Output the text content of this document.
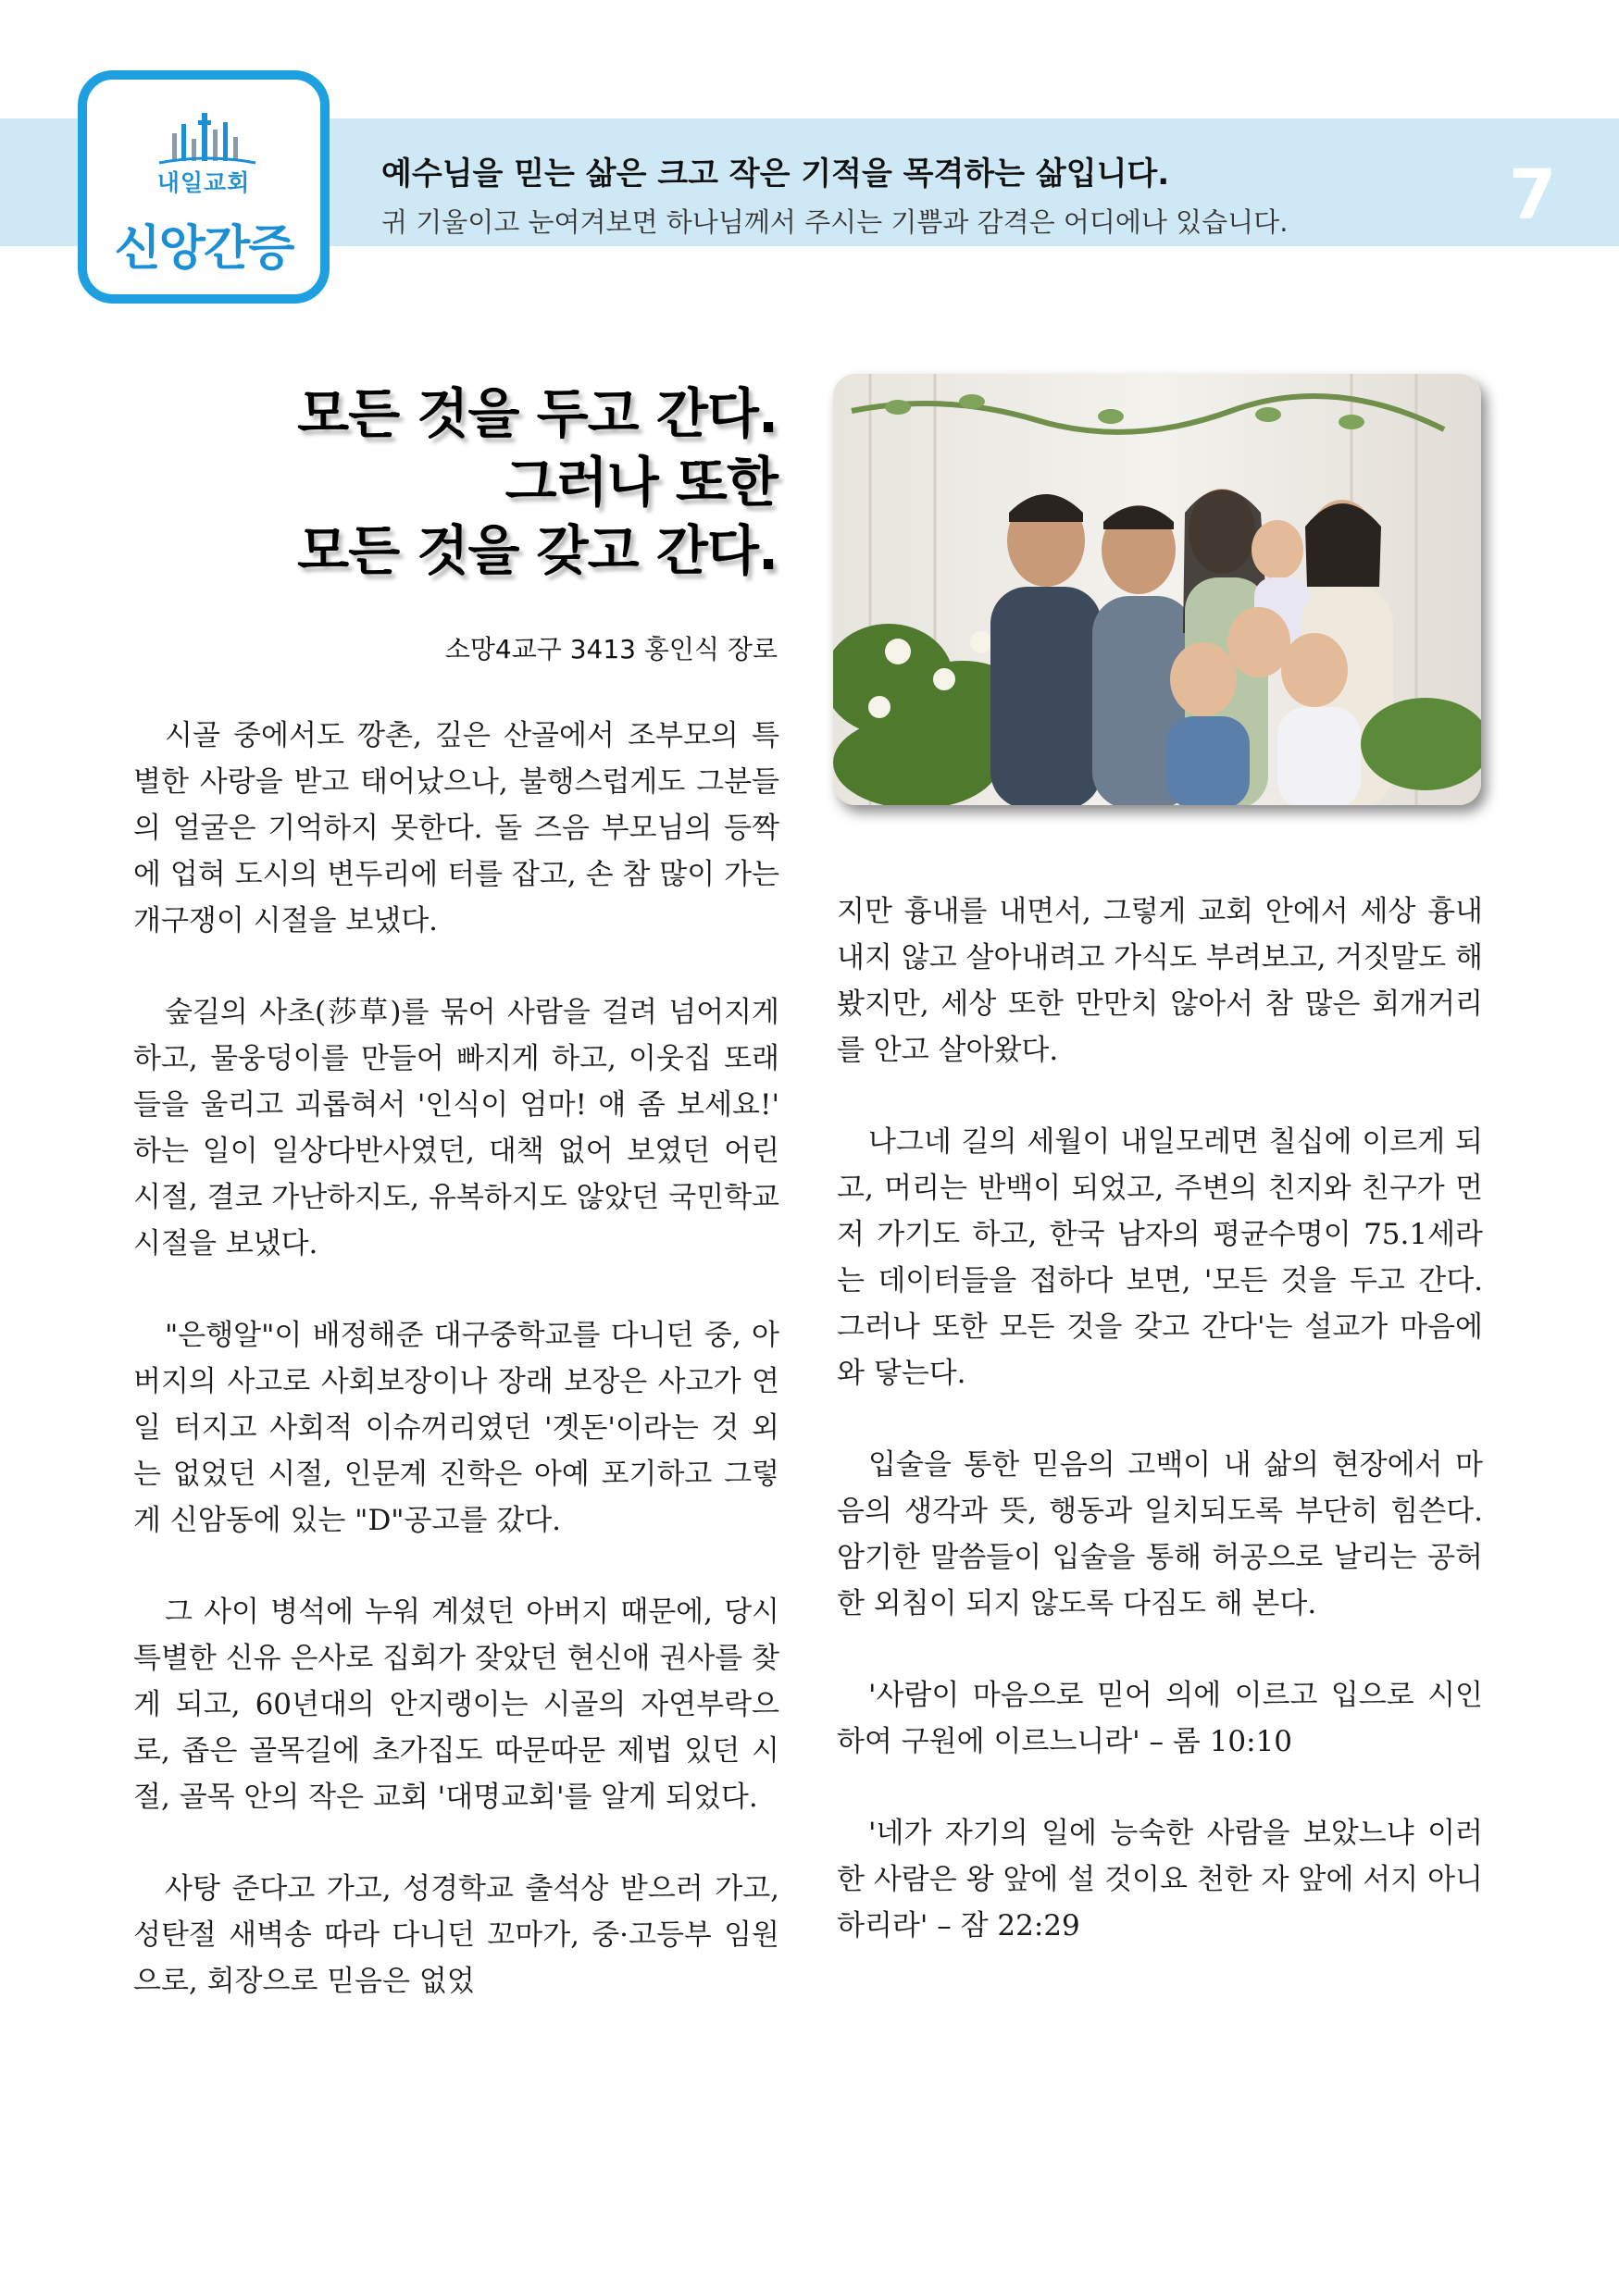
내일교회
신앙간증
예수님을 믿는 삶은 크고 작은 기적을 목격하는 삶입니다.
귀 기울이고 눈여겨보면 하나님께서 주시는 기쁨과 감격은 어디에나 있습니다.	7
모든 것을 두고 간다.
그러나 또한
모든 것을 갖고 간다.
소망4교구 3413 홍인식 장로

시골 중에서도 깡촌, 깊은 산골에서 조부모의 특별한 사랑을 받고 태어났으나, 불행스럽게도 그분들의 얼굴은 기억하지 못한다. 돌 즈음 부모님의 등짝에 업혀 도시의 변두리에 터를 잡고, 손 참 많이 가는 개구쟁이 시절을 보냈다.

숲길의 사초(莎草)를 묶어 사람을 걸려 넘어지게 하고, 물웅덩이를 만들어 빠지게 하고, 이웃집 또래들을 울리고 괴롭혀서 '인식이 엄마! 얘 좀 보세요!' 하는 일이 일상다반사였던, 대책 없어 보였던 어린 시절, 결코 가난하지도, 유복하지도 않았던 국민학교 시절을 보냈다.

"은행알"이 배정해준 대구중학교를 다니던 중, 아버지의 사고로 사회보장이나 장래 보장은 사고가 연일 터지고 사회적 이슈꺼리였던 '곗돈'이라는 것 외는 없었던 시절, 인문계 진학은 아예 포기하고 그렇게 신암동에 있는 "D"공고를 갔다.

그 사이 병석에 누워 계셨던 아버지 때문에, 당시 특별한 신유 은사로 집회가 잦았던 현신애 권사를 찾게 되고, 60년대의 안지랭이는 시골의 자연부락으로, 좁은 골목길에 초가집도 따문따문 제법 있던 시절, 골목 안의 작은 교회 '대명교회'를 알게 되었다.

사탕 준다고 가고, 성경학교 출석상 받으러 가고, 성탄절 새벽송 따라 다니던 꼬마가, 중·고등부 임원으로, 회장으로 믿음은 없었

지만 흉내를 내면서, 그렇게 교회 안에서 세상 흉내 내지 않고 살아내려고 가식도 부려보고, 거짓말도 해 봤지만, 세상 또한 만만치 않아서 참 많은 회개거리를 안고 살아왔다.

나그네 길의 세월이 내일모레면 칠십에 이르게 되고, 머리는 반백이 되었고, 주변의 친지와 친구가 먼저 가기도 하고, 한국 남자의 평균수명이 75.1세라는 데이터들을 접하다 보면, '모든 것을 두고 간다. 그러나 또한 모든 것을 갖고 간다'는 설교가 마음에 와 닿는다.

입술을 통한 믿음의 고백이 내 삶의 현장에서 마음의 생각과 뜻, 행동과 일치되도록 부단히 힘쓴다. 암기한 말씀들이 입술을 통해 허공으로 날리는 공허한 외침이 되지 않도록 다짐도 해 본다.

'사람이 마음으로 믿어 의에 이르고 입으로 시인하여 구원에 이르느니라' – 롬 10:10

'네가 자기의 일에 능숙한 사람을 보았느냐 이러한 사람은 왕 앞에 설 것이요 천한 자 앞에 서지 아니하리라' – 잠 22:29
